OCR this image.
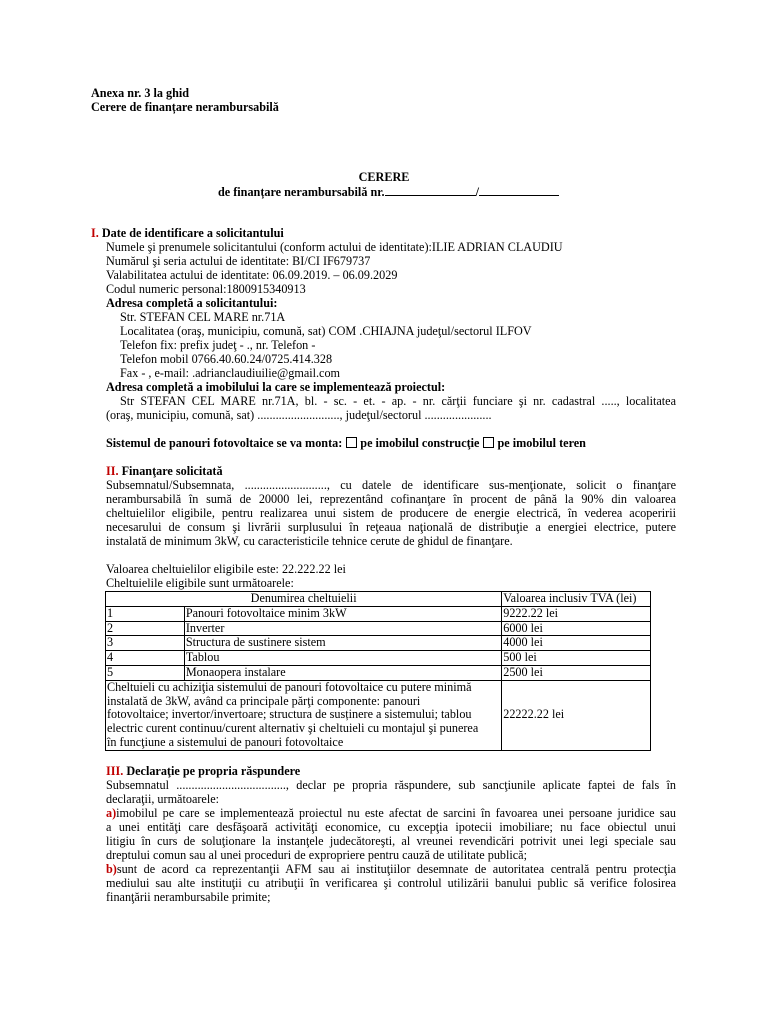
Anexa nr. 3 la ghid
Cerere de finanțare nerambursabilă
CERERE
de finanțare nerambursabilă nr.	/
I. Date de identificare a solicitantului
Numele şi prenumele solicitantului (conform actului de identitate):ILIE ADRIAN CLAUDIU
Numărul şi seria actului de identitate: BI/CI IF679737
Valabilitatea actului de identitate: 06.09.2019. – 06.09.2029
Codul numeric personal:1800915340913
Adresa completă a solicitantului:
Str. STEFAN CEL MARE nr.71A
Localitatea (oraş, municipiu, comună, sat) COM .CHIAJNA judeţul/sectorul ILFOV
Telefon fix: prefix judeţ - ., nr. Telefon -
Telefon mobil 0766.40.60.24/0725.414.328
Fax - , e-mail: .adrianclaudiuilie@gmail.com
Adresa completă a imobilului la care se implementează proiectul:
Str STEFAN CEL MARE nr.71A, bl. - sc. - et. - ap. - nr. cărţii funciare şi nr. cadastral ....., localitatea
(oraş, municipiu, comună, sat) ..........................., judeţul/sectorul ......................
Sistemul de panouri fotovoltaice se va monta: pe imobilul construcţie pe imobilul teren
II. Finanţare solicitată
Subsemnatul/Subsemnata, ..........................., cu datele de identificare sus-menţionate, solicit o finanţare
nerambursabilă în sumă de 20000 lei, reprezentând cofinanţare în procent de până la 90% din valoarea
cheltuielilor eligibile, pentru realizarea unui sistem de producere de energie electrică, în vederea acoperirii
necesarului de consum şi livrării surplusului în reţeaua naţională de distribuţie a energiei electrice, putere
instalată de minimum 3kW, cu caracteristicile tehnice cerute de ghidul de finanţare.
Valoarea cheltuielilor eligibile este: 22.222.22 lei
Cheltuielile eligibile sunt următoarele:
Denumirea cheltuielii		Valoarea inclusiv TVA (lei)
1	Panouri fotovoltaice minim 3kW	9222.22 lei
2	Inverter	6000 lei
3	Structura de sustinere sistem	4000 lei
4	Tablou	500 lei
5	Monaopera instalare	2500 lei

Cheltuieli cu achiziţia sistemului de panouri fotovoltaice cu putere minimă
instalată de 3kW, având ca principale părţi componente: panouri
fotovoltaice; invertor/invertoare; structura de susținere a sistemului; tablou
electric curent continuu/curent alternativ şi cheltuieli cu montajul şi punerea
în funcţiune a sistemului de panouri fotovoltaice		22222.22 lei
III. Declaraţie pe propria răspundere
Subsemnatul ...................................., declar pe propria răspundere, sub sancţiunile aplicate faptei de fals în
declaraţii, următoarele:
a)imobilul pe care se implementează proiectul nu este afectat de sarcini în favoarea unei persoane juridice sau
a unei entităţi care desfăşoară activităţi economice, cu excepţia ipotecii imobiliare; nu face obiectul unui
litigiu în curs de soluţionare la instanţele judecătoreşti, al vreunei revendicări potrivit unei legi speciale sau
dreptului comun sau al unei proceduri de expropriere pentru cauză de utilitate publică;
b)sunt de acord ca reprezentanţii AFM sau ai instituţiilor desemnate de autoritatea centrală pentru protecţia
mediului sau alte instituţii cu atribuţii în verificarea şi controlul utilizării banului public să verifice folosirea
finanţării nerambursabile primite;
